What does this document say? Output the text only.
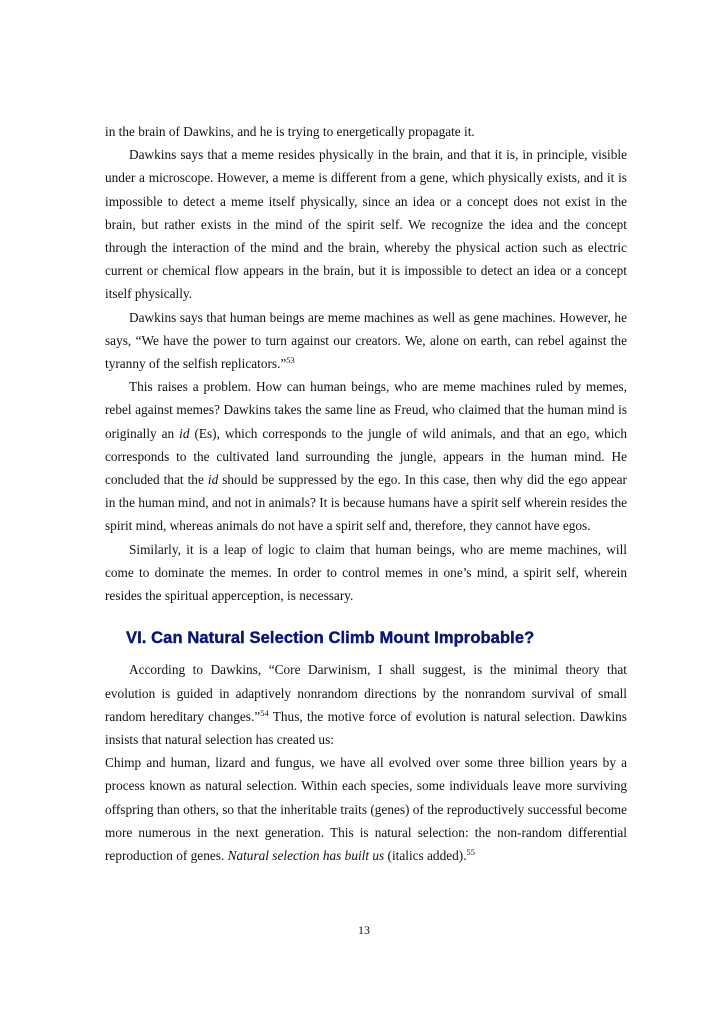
in the brain of Dawkins, and he is trying to energetically propagate it.

Dawkins says that a meme resides physically in the brain, and that it is, in principle, visible under a microscope. However, a meme is different from a gene, which physically exists, and it is impossible to detect a meme itself physically, since an idea or a concept does not exist in the brain, but rather exists in the mind of the spirit self. We recognize the idea and the concept through the interaction of the mind and the brain, whereby the physical action such as electric current or chemical flow appears in the brain, but it is impossible to detect an idea or a concept itself physically.

Dawkins says that human beings are meme machines as well as gene machines. However, he says, “We have the power to turn against our creators. We, alone on earth, can rebel against the tyranny of the selfish replicators.”$^{53}$

This raises a problem. How can human beings, who are meme machines ruled by memes, rebel against memes? Dawkins takes the same line as Freud, who claimed that the human mind is originally an id (Es), which corresponds to the jungle of wild animals, and that an ego, which corresponds to the cultivated land surrounding the jungle, appears in the human mind. He concluded that the id should be suppressed by the ego. In this case, then why did the ego appear in the human mind, and not in animals? It is because humans have a spirit self wherein resides the spirit mind, whereas animals do not have a spirit self and, therefore, they cannot have egos.

Similarly, it is a leap of logic to claim that human beings, who are meme machines, will come to dominate the memes. In order to control memes in one’s mind, a spirit self, wherein resides the spiritual apperception, is necessary.

VI. Can Natural Selection Climb Mount Improbable?

According to Dawkins, “Core Darwinism, I shall suggest, is the minimal theory that evolution is guided in adaptively nonrandom directions by the nonrandom survival of small random hereditary changes.”$^{54}$ Thus, the motive force of evolution is natural selection. Dawkins insists that natural selection has created us:

Chimp and human, lizard and fungus, we have all evolved over some three billion years by a process known as natural selection. Within each species, some individuals leave more surviving offspring than others, so that the inheritable traits (genes) of the reproductively successful become more numerous in the next generation. This is natural selection: the non-random differential reproduction of genes. Natural selection has built us (italics added).$^{55}$

13
